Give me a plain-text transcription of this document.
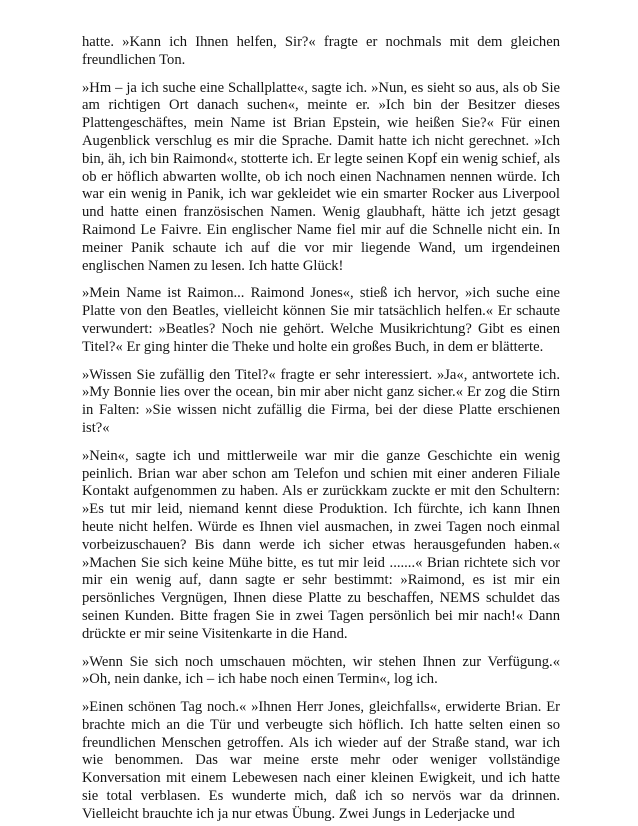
hatte. »Kann ich Ihnen helfen, Sir?« fragte er nochmals mit dem gleichen freundlichen Ton.

»Hm – ja ich suche eine Schallplatte«, sagte ich. »Nun, es sieht so aus, als ob Sie am richtigen Ort danach suchen«, meinte er. »Ich bin der Besitzer dieses Plattengeschäftes, mein Name ist Brian Epstein, wie heißen Sie?« Für einen Augenblick verschlug es mir die Sprache. Damit hatte ich nicht gerechnet. »Ich bin, äh, ich bin Raimond«, stotterte ich. Er legte seinen Kopf ein wenig schief, als ob er höflich abwarten wollte, ob ich noch einen Nachnamen nennen würde. Ich war ein wenig in Panik, ich war gekleidet wie ein smarter Rocker aus Liverpool und hatte einen französischen Namen. Wenig glaubhaft, hätte ich jetzt gesagt Raimond Le Faivre. Ein englischer Name fiel mir auf die Schnelle nicht ein. In meiner Panik schaute ich auf die vor mir liegende Wand, um irgendeinen englischen Namen zu lesen. Ich hatte Glück!

»Mein Name ist Raimon... Raimond Jones«, stieß ich hervor, »ich suche eine Platte von den Beatles, vielleicht können Sie mir tatsächlich helfen.« Er schaute verwundert: »Beatles? Noch nie gehört. Welche Musikrichtung? Gibt es einen Titel?« Er ging hinter die Theke und holte ein großes Buch, in dem er blätterte.

»Wissen Sie zufällig den Titel?« fragte er sehr interessiert. »Ja«, antwortete ich. »My Bonnie lies over the ocean, bin mir aber nicht ganz sicher.« Er zog die Stirn in Falten: »Sie wissen nicht zufällig die Firma, bei der diese Platte erschienen ist?«

»Nein«, sagte ich und mittlerweile war mir die ganze Geschichte ein wenig peinlich. Brian war aber schon am Telefon und schien mit einer anderen Filiale Kontakt aufgenommen zu haben. Als er zurückkam zuckte er mit den Schultern: »Es tut mir leid, niemand kennt diese Produktion. Ich fürchte, ich kann Ihnen heute nicht helfen. Würde es Ihnen viel ausmachen, in zwei Tagen noch einmal vorbeizuschauen? Bis dann werde ich sicher etwas herausgefunden haben.« »Machen Sie sich keine Mühe bitte, es tut mir leid .......« Brian richtete sich vor mir ein wenig auf, dann sagte er sehr bestimmt: »Raimond, es ist mir ein persönliches Vergnügen, Ihnen diese Platte zu beschaffen, NEMS schuldet das seinen Kunden. Bitte fragen Sie in zwei Tagen persönlich bei mir nach!« Dann drückte er mir seine Visitenkarte in die Hand.

»Wenn Sie sich noch umschauen möchten, wir stehen Ihnen zur Verfügung.« »Oh, nein danke, ich – ich habe noch einen Termin«, log ich.

»Einen schönen Tag noch.« »Ihnen Herr Jones, gleichfalls«, erwiderte Brian. Er brachte mich an die Tür und verbeugte sich höflich. Ich hatte selten einen so freundlichen Menschen getroffen. Als ich wieder auf der Straße stand, war ich wie benommen. Das war meine erste mehr oder weniger vollständige Konversation mit einem Lebewesen nach einer kleinen Ewigkeit, und ich hatte sie total verblasen. Es wunderte mich, daß ich so nervös war da drinnen. Vielleicht brauchte ich ja nur etwas Übung. Zwei Jungs in Lederjacke und
